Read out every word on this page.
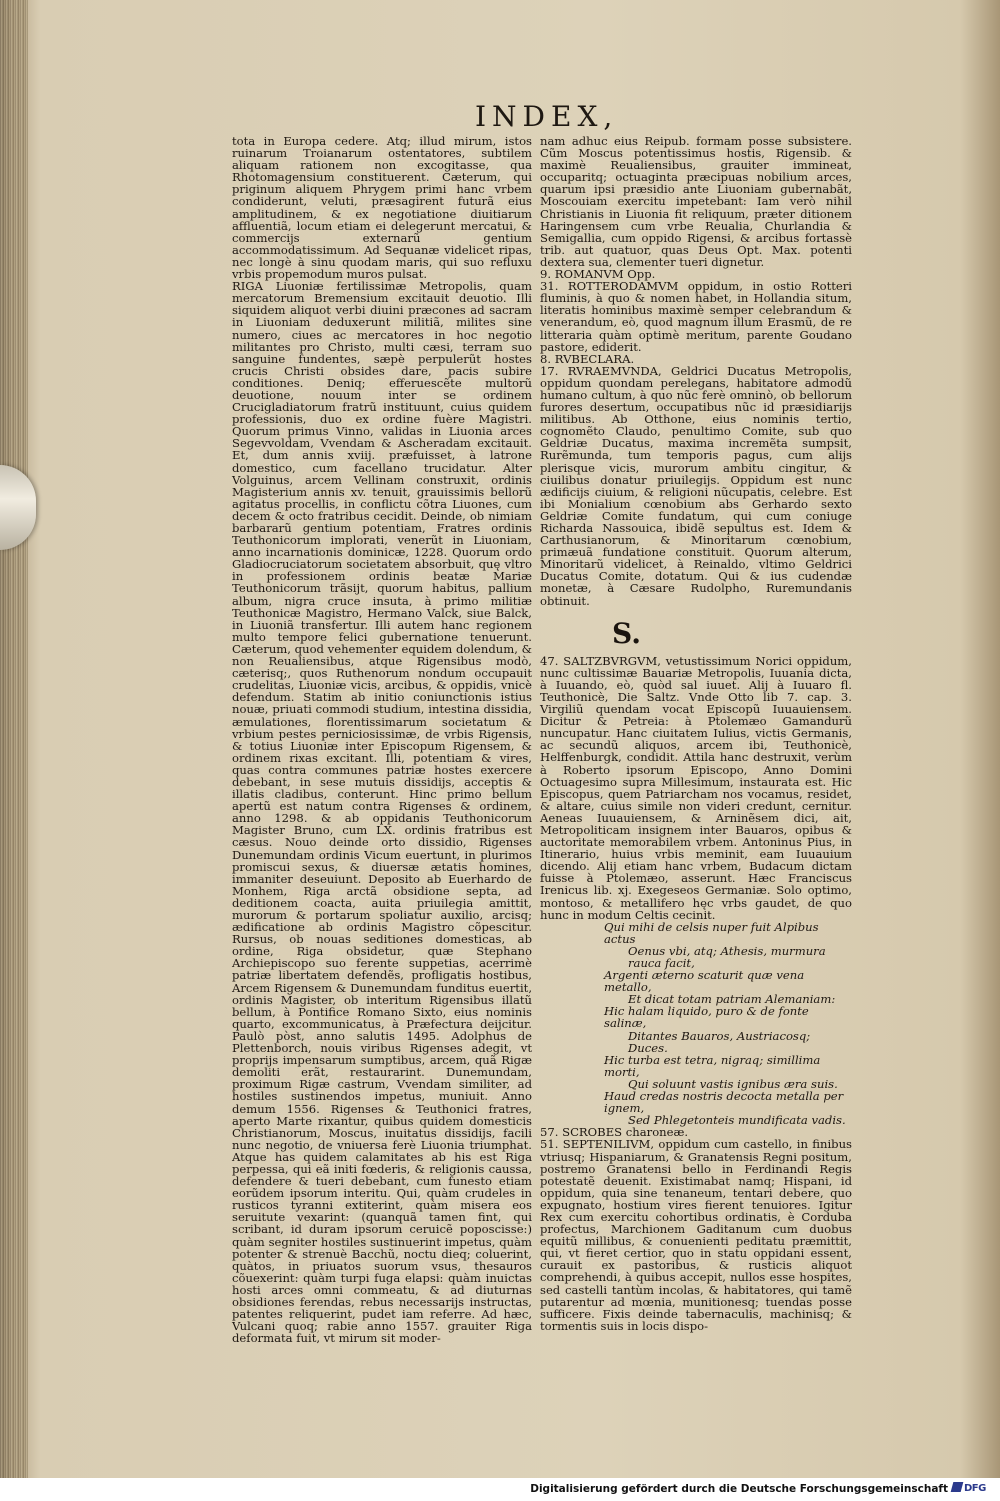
INDEX,

tota in Europa cedere. Atq; illud mirum, istos ruinarum Troianarum ostentatores, subtilem aliquam rationem non excogitasse, qua Rhotomagensium constituerent. Cæterum, qui priginum aliquem Phrygem primi hanc vrbem condiderunt, veluti, præsagirent futurã eius amplitudinem, & ex negotiatione diuitiarum affluentiã, locum etiam ei delegerunt mercatui, & commercijs externarũ gentium accommodatissimum. Ad Sequanæ videlicet ripas, nec longè à sinu quodam maris, qui suo refluxu vrbis propemodum muros pulsat.

RIGA Liuoniæ fertilissimæ Metropolis, quam mercatorum Bremensium excitauit deuotio. Illi siquidem aliquot verbi diuini præcones ad sacram in Liuoniam deduxerunt militiã, milites sine numero, ciues ac mercatores in hoc negotio militantes pro Christo, multi cæsi, terram suo sanguine fundentes, sæpè perpulerũt hostes crucis Christi obsides dare, pacis subire conditiones. Deniq; efferuescẽte multorũ deuotione, nouum inter se ordinem Crucigladiatorum fratrũ instituunt, cuius quidem professionis, duo ex ordine fuère Magistri. Quorum primus Vinno, validas in Liuonia arces Segevvoldam, Vvendam & Ascheradam excitauit. Et, dum annis xviij. præfuisset, à latrone domestico, cum facellano trucidatur. Alter Volguinus, arcem Vellinam construxit, ordinis Magisterium annis xv. tenuit, grauissimis bellorũ agitatus procellis, in conflictu cõtra Liuones, cum decem & octo fratribus cecidit. Deinde, ob nimiam barbararũ gentium potentiam, Fratres ordinis Teuthonicorum implorati, venerũt in Liuoniam, anno incarnationis dominicæ, 1228. Quorum ordo Gladiocruciatorum societatem absorbuit, quę vltro in professionem ordinis beatæ Mariæ Teuthonicorum trãsijt, quorum habitus, pallium album, nigra cruce insuta, à primo militiæ Teuthonicæ Magistro, Hermano Valck, siue Balck, in Liuoniã transfertur. Illi autem hanc regionem multo tempore felici gubernatione tenuerunt. Cæterum, quod vehementer equidem dolendum, & non Reualiensibus, atque Rigensibus modò, cæterisq;, quos Ruthenorum nondum occupauit crudelitas, Liuoniæ vicis, arcibus, & oppidis, vnicè defendum. Statim ab initio coniunctionis istius nouæ, priuati commodi studium, intestina dissidia, æmulationes, florentissimarum societatum & vrbium pestes perniciosissimæ, de vrbis Rigensis, & totius Liuoniæ inter Episcopum Rigensem, & ordinem rixas excitant. Illi, potentiam & vires, quas contra communes patriæ hostes exercere debebant, in sese mutuis dissidijs, acceptis & illatis cladibus, conterunt. Hinc primo bellum apertũ est natum contra Rigenses & ordinem, anno 1298. & ab oppidanis Teuthonicorum Magister Bruno, cum LX. ordinis fratribus est cæsus. Nouo deinde orto dissidio, Rigenses Dunemundam ordinis Vicum euertunt, in plurimos promiscui sexus, & diuersæ ætatis homines, immaniter deseuiunt. Deposito ab Euerhardo de Monhem, Riga arctã obsidione septa, ad deditionem coacta, auita priuilegia amittit, murorum & portarum spoliatur auxilio, arcisq; ædificatione ab ordinis Magistro cõpescitur. Rursus, ob nouas seditiones domesticas, ab ordine, Riga obsidetur, quæ Stephano Archiepiscopo suo ferente suppetias, acerrimè patriæ libertatem defendẽs, profligatis hostibus, Arcem Rigensem & Dunemundam funditus euertit, ordinis Magister, ob interitum Rigensibus illatũ bellum, à Pontifice Romano Sixto, eius nominis quarto, excommunicatus, à Præfectura deijcitur. Paulò pòst, anno salutis 1495. Adolphus de Plettenborch, nouis viribus Rigenses adegit, vt proprijs impensarum sumptibus, arcem, quã Rigæ demoliti erãt, restaurarint. Dunemundam, proximum Rigæ castrum, Vvendam similiter, ad hostiles sustinendos impetus, muniuit. Anno demum 1556. Rigenses & Teuthonici fratres, aperto Marte rixantur, quibus quidem domesticis Christianorum, Moscus, inuitatus dissidijs, facili nunc negotio, de vniuersa ferè Liuonia triumphat. Atque has quidem calamitates ab his est Riga perpessa, qui eã initi fœderis, & religionis caussa, defendere & tueri debebant, cum funesto etiam eorũdem ipsorum interitu. Qui, quàm crudeles in rusticos tyranni extiterint, quàm misera eos seruitute vexarint: (quanquã tamen fint, qui scribant, id duram ipsorum ceruicẽ poposcisse:) quàm segniter hostiles sustinuerint impetus, quàm potenter & strenuè Bacchũ, noctu dieq; coluerint, quàtos, in priuatos suorum vsus, thesauros cõuexerint: quàm turpi fuga elapsi: quàm inuictas hosti arces omni commeatu, & ad diuturnas obsidiones ferendas, rebus necessarijs instructas, patentes reliquerint, pudet iam referre. Ad hæc, Vulcani quoq; rabie anno 1557. grauiter Riga deformata fuit, vt mirum sit moder-

nam adhuc eius Reipub. formam posse subsistere. Cũm Moscus potentissimus hostis, Rigensib. & maximè Reualiensibus, grauiter immineat, occuparitq; octuaginta præcipuas nobilium arces, quarum ipsi præsidio ante Liuoniam gubernabãt, Moscouiam exercitu impetebant: Iam verò nihil Christianis in Liuonia fit reliquum, præter ditionem Haringensem cum vrbe Reualia, Churlandia & Semigallia, cum oppido Rigensi, & arcibus fortassè trib. aut quatuor, quas Deus Opt. Max. potenti dextera sua, clementer tueri dignetur.

9. ROMANVM Opp.

31. ROTTERODAMVM oppidum, in ostio Rotteri fluminis, à quo & nomen habet, in Hollandia situm, literatis hominibus maximè semper celebrandum & venerandum, eò, quod magnum illum Erasmũ, de re litteraria quàm optimè meritum, parente Goudano pastore, ediderit.

8. RVBECLARA.

17. RVRAEMVNDA, Geldrici Ducatus Metropolis, oppidum quondam perelegans, habitatore admodũ humano cultum, à quo nũc ferè omninò, ob bellorum furores desertum, occupatibus nũc id præsidiarijs militibus. Ab Otthone, eius nominis tertio, cognomẽto Claudo, penultimo Comite, sub quo Geldriæ Ducatus, maxima incremẽta sumpsit, Rurẽmunda, tum temporis pagus, cum alijs plerisque vicis, murorum ambitu cingitur, & ciuilibus donatur priuilegijs. Oppidum est nunc ædificijs ciuium, & religioni nũcupatis, celebre. Est ibi Monialium cœnobium abs Gerhardo sexto Geldriæ Comite fundatum, qui cum coniuge Richarda Nassouica, ibidẽ sepultus est. Idem & Carthusianorum, & Minoritarum cœnobium, primæuã fundatione constituit. Quorum alterum, Minoritarũ videlicet, à Reinaldo, vltimo Geldrici Ducatus Comite, dotatum. Qui & ius cudendæ monetæ, à Cæsare Rudolpho, Ruremundanis obtinuit.

S.

47. SALTZBVRGVM, vetustissimum Norici oppidum, nunc cultissimæ Bauariæ Metropolis, Iuuania dicta, à Iuuando, eò, quòd sal iuuet. Alij à Iuuaro fl. Teuthonicè, Die Saltz. Vnde Otto lib 7. cap. 3. Virgiliũ quendam vocat Episcopũ Iuuauiensem. Dicitur & Petreia: à Ptolemæo Gamandurũ nuncupatur. Hanc ciuitatem Iulius, victis Germanis, ac secundũ aliquos, arcem ibi, Teuthonicè, Helffenburgk, condidit. Attila hanc destruxit, verùm à Roberto ipsorum Episcopo, Anno Domini Octuagesimo supra Millesimum, instaurata est. Hic Episcopus, quem Patriarcham nos vocamus, residet, & altare, cuius simile non videri credunt, cernitur. Aeneas Iuuauiensem, & Arninẽsem dici, ait, Metropoliticam insignem inter Bauaros, opibus & auctoritate memorabilem vrbem. Antoninus Pius, in Itinerario, huius vrbis meminit, eam Iuuauium dicendo. Alij etiam hanc vrbem, Budacum dictam fuisse à Ptolemæo, asserunt. Hæc Franciscus Irenicus lib. xj. Exegeseos Germaniæ. Solo optimo, montoso, & metallifero hęc vrbs gaudet, de quo hunc in modum Celtis cecinit.

Qui mihi de celsis nuper fuit Alpibus actus
Oenus vbi, atq; Athesis, murmura rauca facit,
Argenti æterno scaturit quæ vena metallo,
Et dicat totam patriam Alemaniam:
Hic halam liquido, puro & de fonte salinæ,
Ditantes Bauaros, Austriacosq; Duces.
Hic turba est tetra, nigraq; simillima morti,
Qui soluunt vastis ignibus æra suis.
Haud credas nostris decocta metalla per ignem,
Sed Phlegetonteis mundificata vadis.

57. SCROBES charoneæ.

51. SEPTENILIVM, oppidum cum castello, in finibus vtriusq; Hispaniarum, & Granatensis Regni positum, postremo Granatensi bello in Ferdinandi Regis potestatẽ deuenit. Existimabat namq; Hispani, id oppidum, quia sine tenaneum, tentari debere, quo expugnato, hostium vires fierent tenuiores. Igitur Rex cum exercitu cohortibus ordinatis, è Corduba profectus, Marchionem Gaditanum cum duobus equitũ millibus, & conuenienti peditatu præmittit, qui, vt fieret certior, quo in statu oppidani essent, curauit ex pastoribus, & rusticis aliquot comprehendi, à quibus accepit, nullos esse hospites, sed castelli tantùm incolas, & habitatores, qui tamẽ putarentur ad mœnia, munitionesq; tuendas posse sufficere. Fixis deinde tabernaculis, machinisq; & tormentis suis in locis dispo-

Digitalisierung gefördert durch die Deutsche Forschungsgemeinschaft	DFG
